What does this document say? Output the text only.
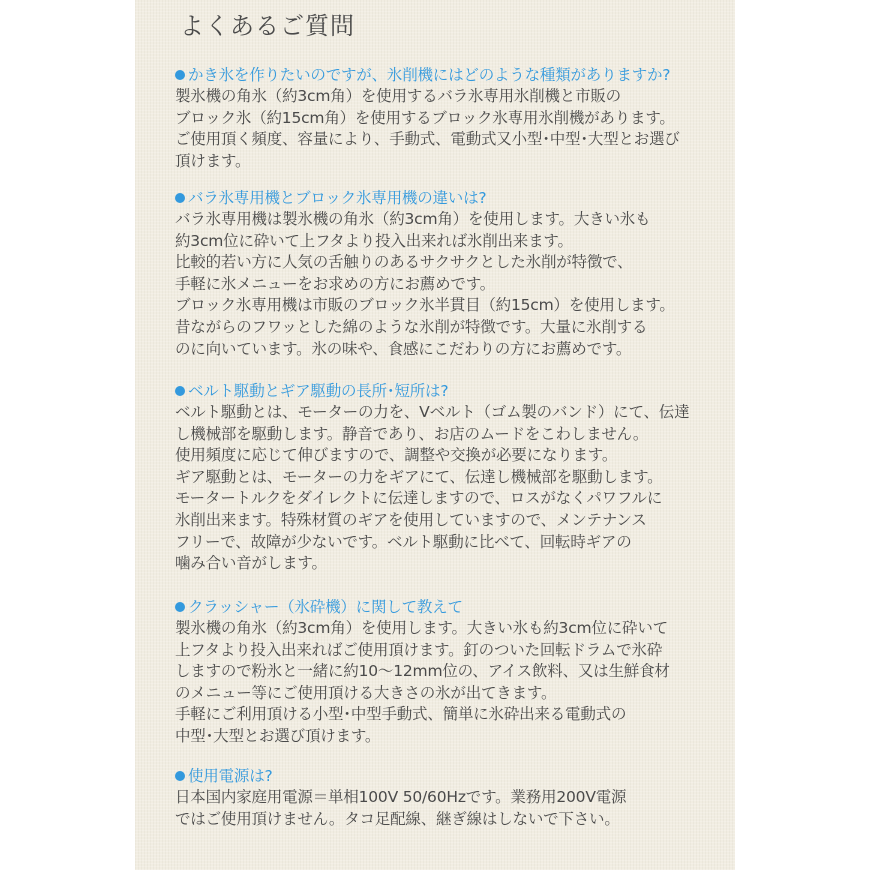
よくあるご質問
かき氷を作りたいのですが、氷削機にはどのような種類がありますか?
製氷機の角氷（約3cm角）を使用するバラ氷専用氷削機と市販の
ブロック氷（約15cm角）を使用するブロック氷専用氷削機があります。
ご使用頂く頻度、容量により、手動式、電動式又小型･中型･大型とお選び
頂けます。
バラ氷専用機とブロック氷専用機の違いは?
バラ氷専用機は製氷機の角氷（約3cm角）を使用します。大きい氷も
約3cm位に砕いて上フタより投入出来れば氷削出来ます。
比較的若い方に人気の舌触りのあるサクサクとした氷削が特徴で、
手軽に氷メニューをお求めの方にお薦めです。
ブロック氷専用機は市販のブロック氷半貫目（約15cm）を使用します。
昔ながらのフワッとした綿のような氷削が特徴です。大量に氷削する
のに向いています。氷の味や、食感にこだわりの方にお薦めです。
ベルト駆動とギア駆動の長所･短所は?
ベルト駆動とは、モーターの力を、Vベルト（ゴム製のバンド）にて、伝達
し機械部を駆動します。静音であり、お店のムードをこわしません。
使用頻度に応じて伸びますので、調整や交換が必要になります。
ギア駆動とは、モーターの力をギアにて、伝達し機械部を駆動します。
モータートルクをダイレクトに伝達しますので、ロスがなくパワフルに
氷削出来ます。特殊材質のギアを使用していますので、メンテナンス
フリーで、故障が少ないです。ベルト駆動に比べて、回転時ギアの
噛み合い音がします。
クラッシャー（氷砕機）に関して教えて
製氷機の角氷（約3cm角）を使用します。大きい氷も約3cm位に砕いて
上フタより投入出来ればご使用頂けます。釘のついた回転ドラムで氷砕
しますので粉氷と一緒に約10～12mm位の、アイス飲料、又は生鮮食材
のメニュー等にご使用頂ける大きさの氷が出てきます。
手軽にご利用頂ける小型･中型手動式、簡単に氷砕出来る電動式の
中型･大型とお選び頂けます。
使用電源は?
日本国内家庭用電源＝単相100V 50/60Hzです。業務用200V電源
ではご使用頂けません。タコ足配線、継ぎ線はしないで下さい。
